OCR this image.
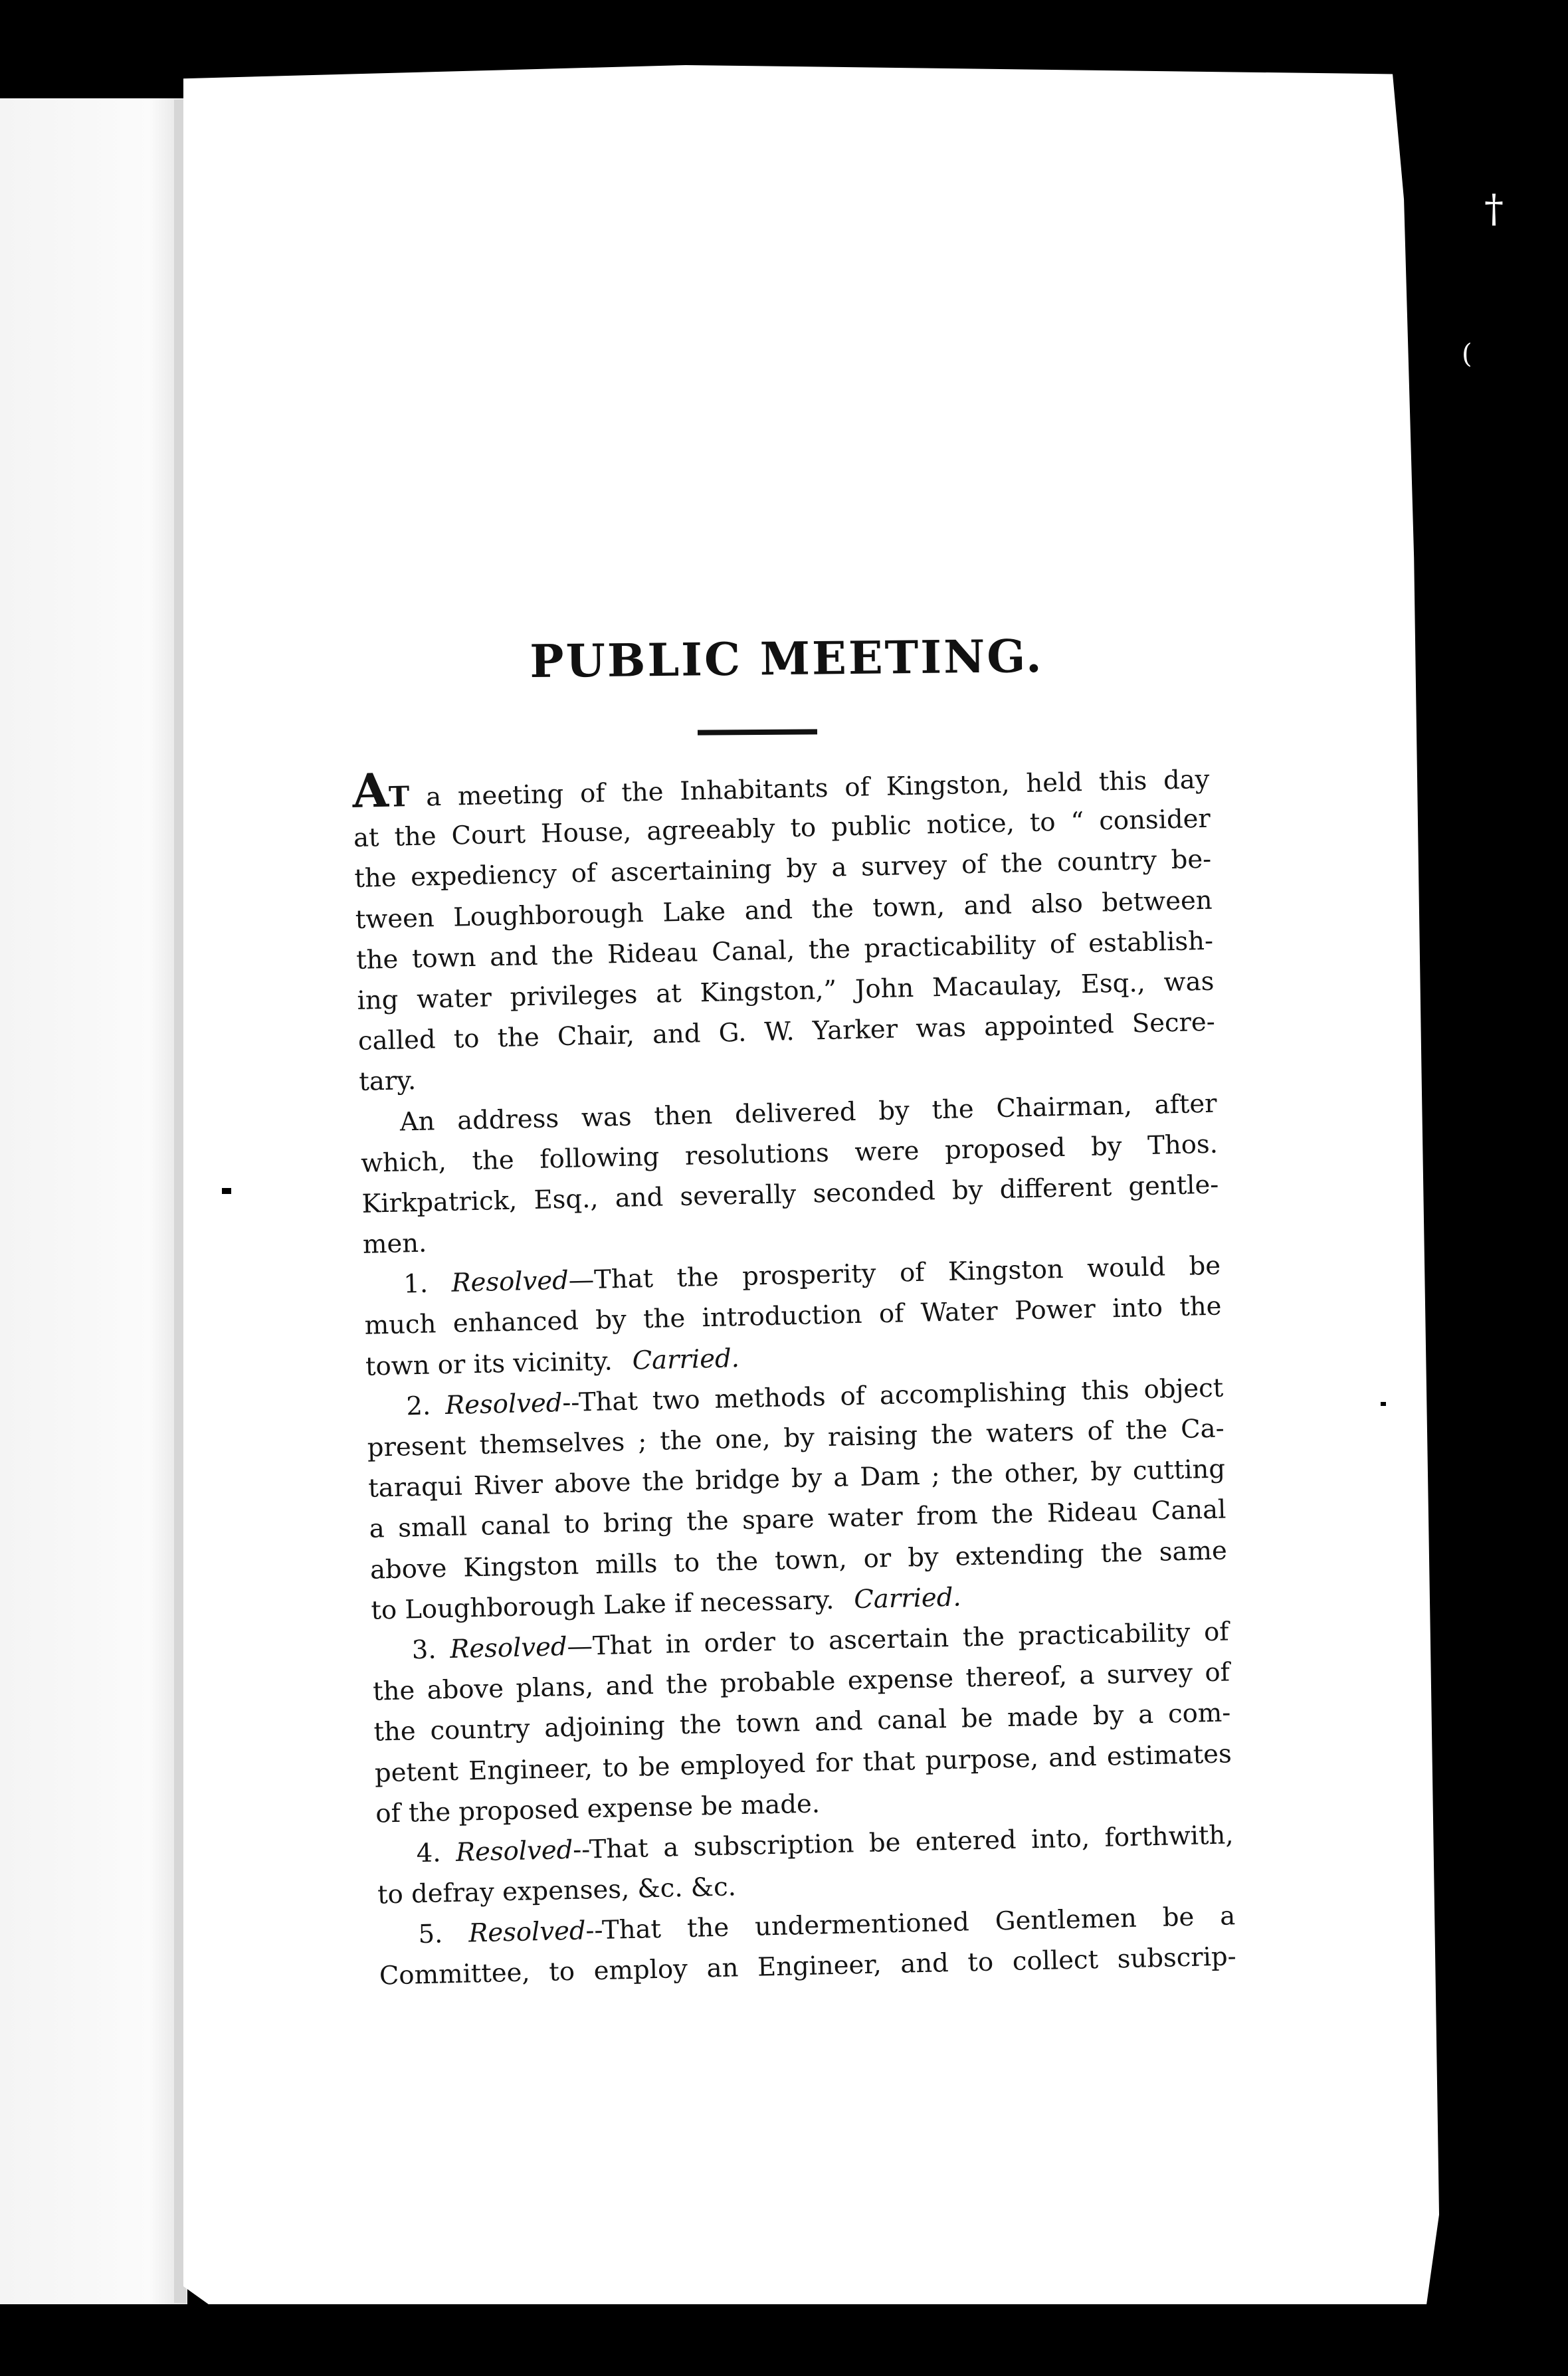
†
(
PUBLIC MEETING.
AT a meeting of the Inhabitants of Kingston, held this day
at the Court House, agreeably to public notice, to “ consider
the expediency of ascertaining by a survey of the country be-
tween Loughborough Lake and the town, and also between
the town and the Rideau Canal, the practicability of establish-
ing water privileges at Kingston,” John Macaulay, Esq., was
called to the Chair, and G. W. Yarker was appointed Secre-
tary.
An address was then delivered by the Chairman, after
which, the following resolutions were proposed by Thos.
Kirkpatrick, Esq., and severally seconded by different gentle-
men.
1. Resolved—That the prosperity of Kingston would be
much enhanced by the introduction of Water Power into the
town or its vicinity. Carried.
2. Resolved--That two methods of accomplishing this object
present themselves ; the one, by raising the waters of the Ca-
taraqui River above the bridge by a Dam ; the other, by cutting
a small canal to bring the spare water from the Rideau Canal
above Kingston mills to the town, or by extending the same
to Loughborough Lake if necessary. Carried.
3. Resolved—That in order to ascertain the practicability of
the above plans, and the probable expense thereof, a survey of
the country adjoining the town and canal be made by a com-
petent Engineer, to be employed for that purpose, and estimates
of the proposed expense be made.
4. Resolved--That a subscription be entered into, forthwith,
to defray expenses, &c. &c.
5. Resolved--That the undermentioned Gentlemen be a
Committee, to employ an Engineer, and to collect subscrip-
